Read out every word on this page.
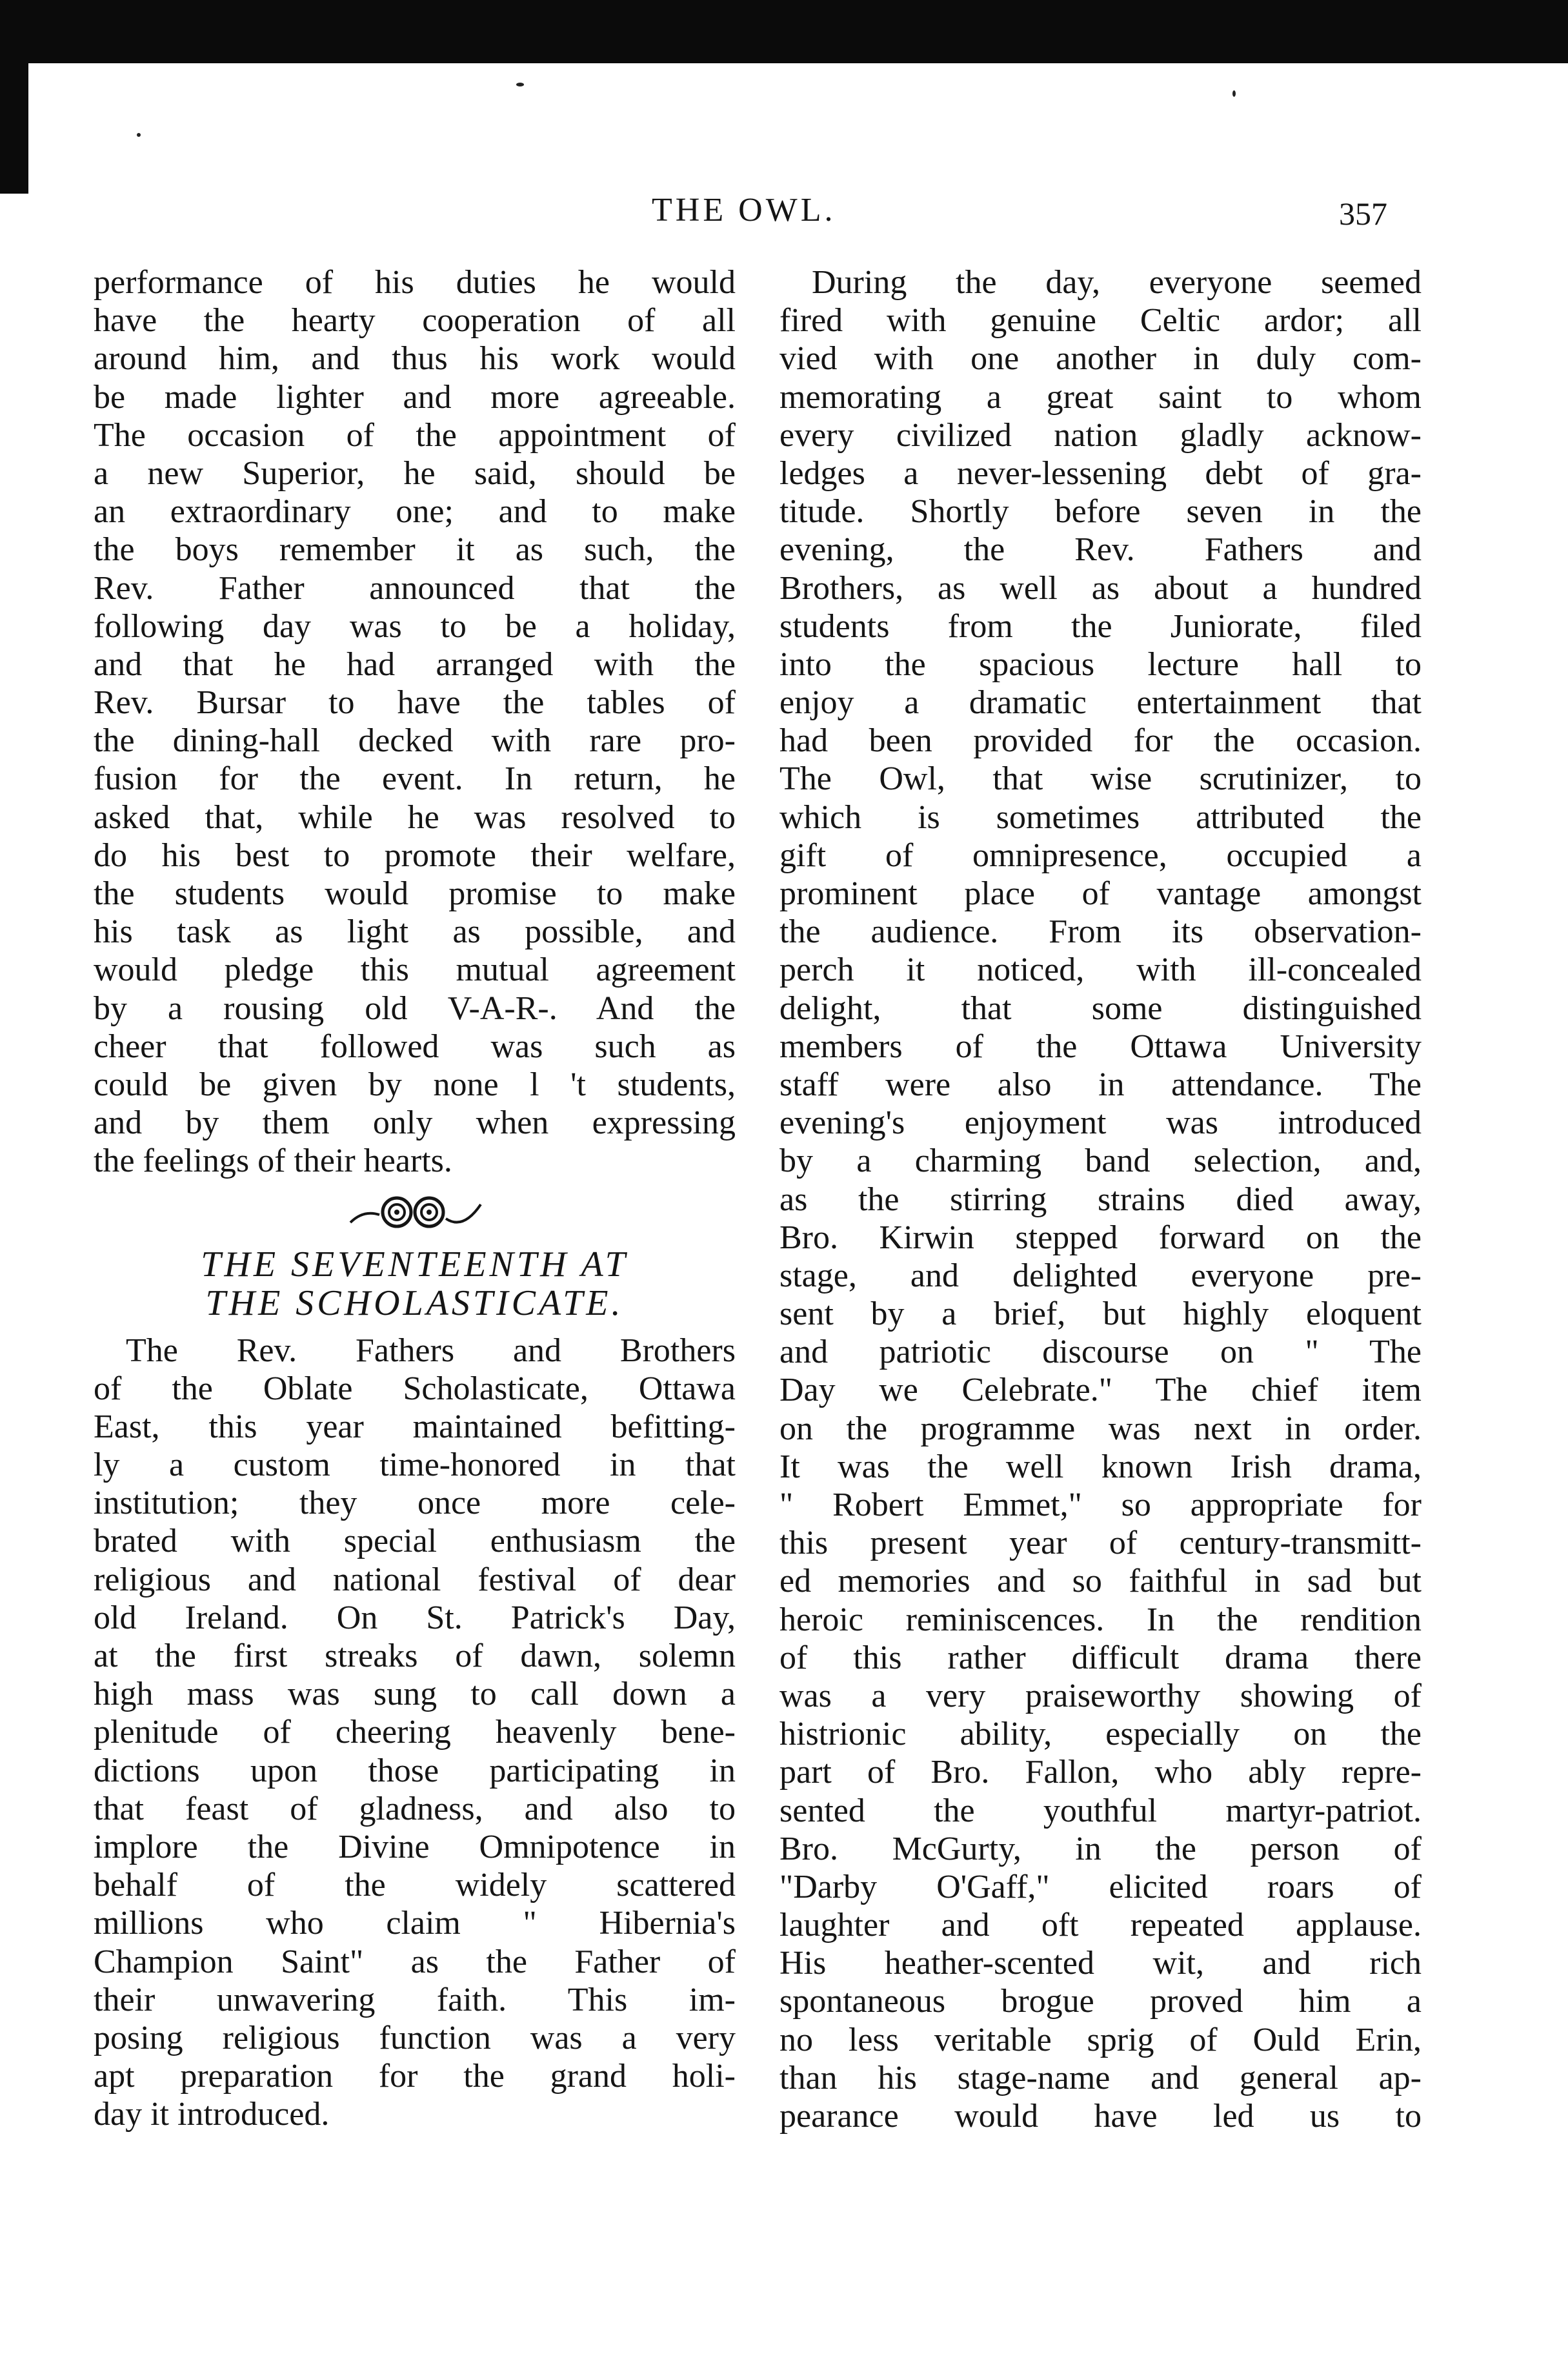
THE OWL.	357
performance of his duties he would
have the hearty cooperation of all
around him, and thus his work would
be made lighter and more agreeable.
The occasion of the appointment of
a new Superior, he said, should be
an extraordinary one; and to make
the boys remember it as such, the
Rev. Father announced that the
following day was to be a holiday,
and that he had arranged with the
Rev. Bursar to have the tables of
the dining-hall decked with rare pro-
fusion for the event. In return, he
asked that, while he was resolved to
do his best to promote their welfare,
the students would promise to make
his task as light as possible, and
would pledge this mutual agreement
by a rousing old V-A-R-. And the
cheer that followed was such as
could be given by none l 't students,
and by them only when expressing
the feelings of their hearts.
THE SEVENTEENTH AT
THE SCHOLASTICATE.
The Rev. Fathers and Brothers
of the Oblate Scholasticate, Ottawa
East, this year maintained befitting-
ly a custom time-honored in that
institution; they once more cele-
brated with special enthusiasm the
religious and national festival of dear
old Ireland. On St. Patrick's Day,
at the first streaks of dawn, solemn
high mass was sung to call down a
plenitude of cheering heavenly bene-
dictions upon those participating in
that feast of gladness, and also to
implore the Divine Omnipotence in
behalf of the widely scattered
millions who claim " Hibernia's
Champion Saint" as the Father of
their unwavering faith. This im-
posing religious function was a very
apt preparation for the grand holi-
day it introduced.
During the day, everyone seemed
fired with genuine Celtic ardor; all
vied with one another in duly com-
memorating a great saint to whom
every civilized nation gladly acknow-
ledges a never-lessening debt of gra-
titude. Shortly before seven in the
evening, the Rev. Fathers and
Brothers, as well as about a hundred
students from the Juniorate, filed
into the spacious lecture hall to
enjoy a dramatic entertainment that
had been provided for the occasion.
The Owl, that wise scrutinizer, to
which is sometimes attributed the
gift of omnipresence, occupied a
prominent place of vantage amongst
the audience. From its observation-
perch it noticed, with ill-concealed
delight, that some distinguished
members of the Ottawa University
staff were also in attendance. The
evening's enjoyment was introduced
by a charming band selection, and,
as the stirring strains died away,
Bro. Kirwin stepped forward on the
stage, and delighted everyone pre-
sent by a brief, but highly eloquent
and patriotic discourse on " The
Day we Celebrate." The chief item
on the programme was next in order.
It was the well known Irish drama,
" Robert Emmet," so appropriate for
this present year of century-transmitt-
ed memories and so faithful in sad but
heroic reminiscences. In the rendition
of this rather difficult drama there
was a very praiseworthy showing of
histrionic ability, especially on the
part of Bro. Fallon, who ably repre-
sented the youthful martyr-patriot.
Bro. McGurty, in the person of
"Darby O'Gaff," elicited roars of
laughter and oft repeated applause.
His heather-scented wit, and rich
spontaneous brogue proved him a
no less veritable sprig of Ould Erin,
than his stage-name and general ap-
pearance would have led us to
